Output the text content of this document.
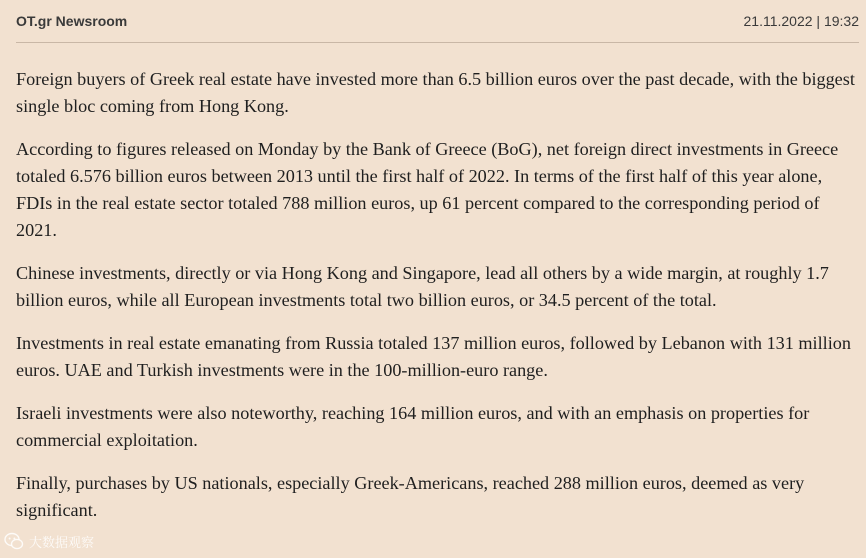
OT.gr Newsroom	21.11.2022 | 19:32

Foreign buyers of Greek real estate have invested more than 6.5 billion euros over the past decade, with the biggest single bloc coming from Hong Kong.

According to figures released on Monday by the Bank of Greece (BoG), net foreign direct investments in Greece totaled 6.576 billion euros between 2013 until the first half of 2022. In terms of the first half of this year alone, FDIs in the real estate sector totaled 788 million euros, up 61 percent compared to the corresponding period of 2021.

Chinese investments, directly or via Hong Kong and Singapore, lead all others by a wide margin, at roughly 1.7 billion euros, while all European investments total two billion euros, or 34.5 percent of the total.

Investments in real estate emanating from Russia totaled 137 million euros, followed by Lebanon with 131 million euros. UAE and Turkish investments were in the 100-million-euro range.

Israeli investments were also noteworthy, reaching 164 million euros, and with an emphasis on properties for commercial exploitation.

Finally, purchases by US nationals, especially Greek-Americans, reached 288 million euros, deemed as very significant.

大数据观察
